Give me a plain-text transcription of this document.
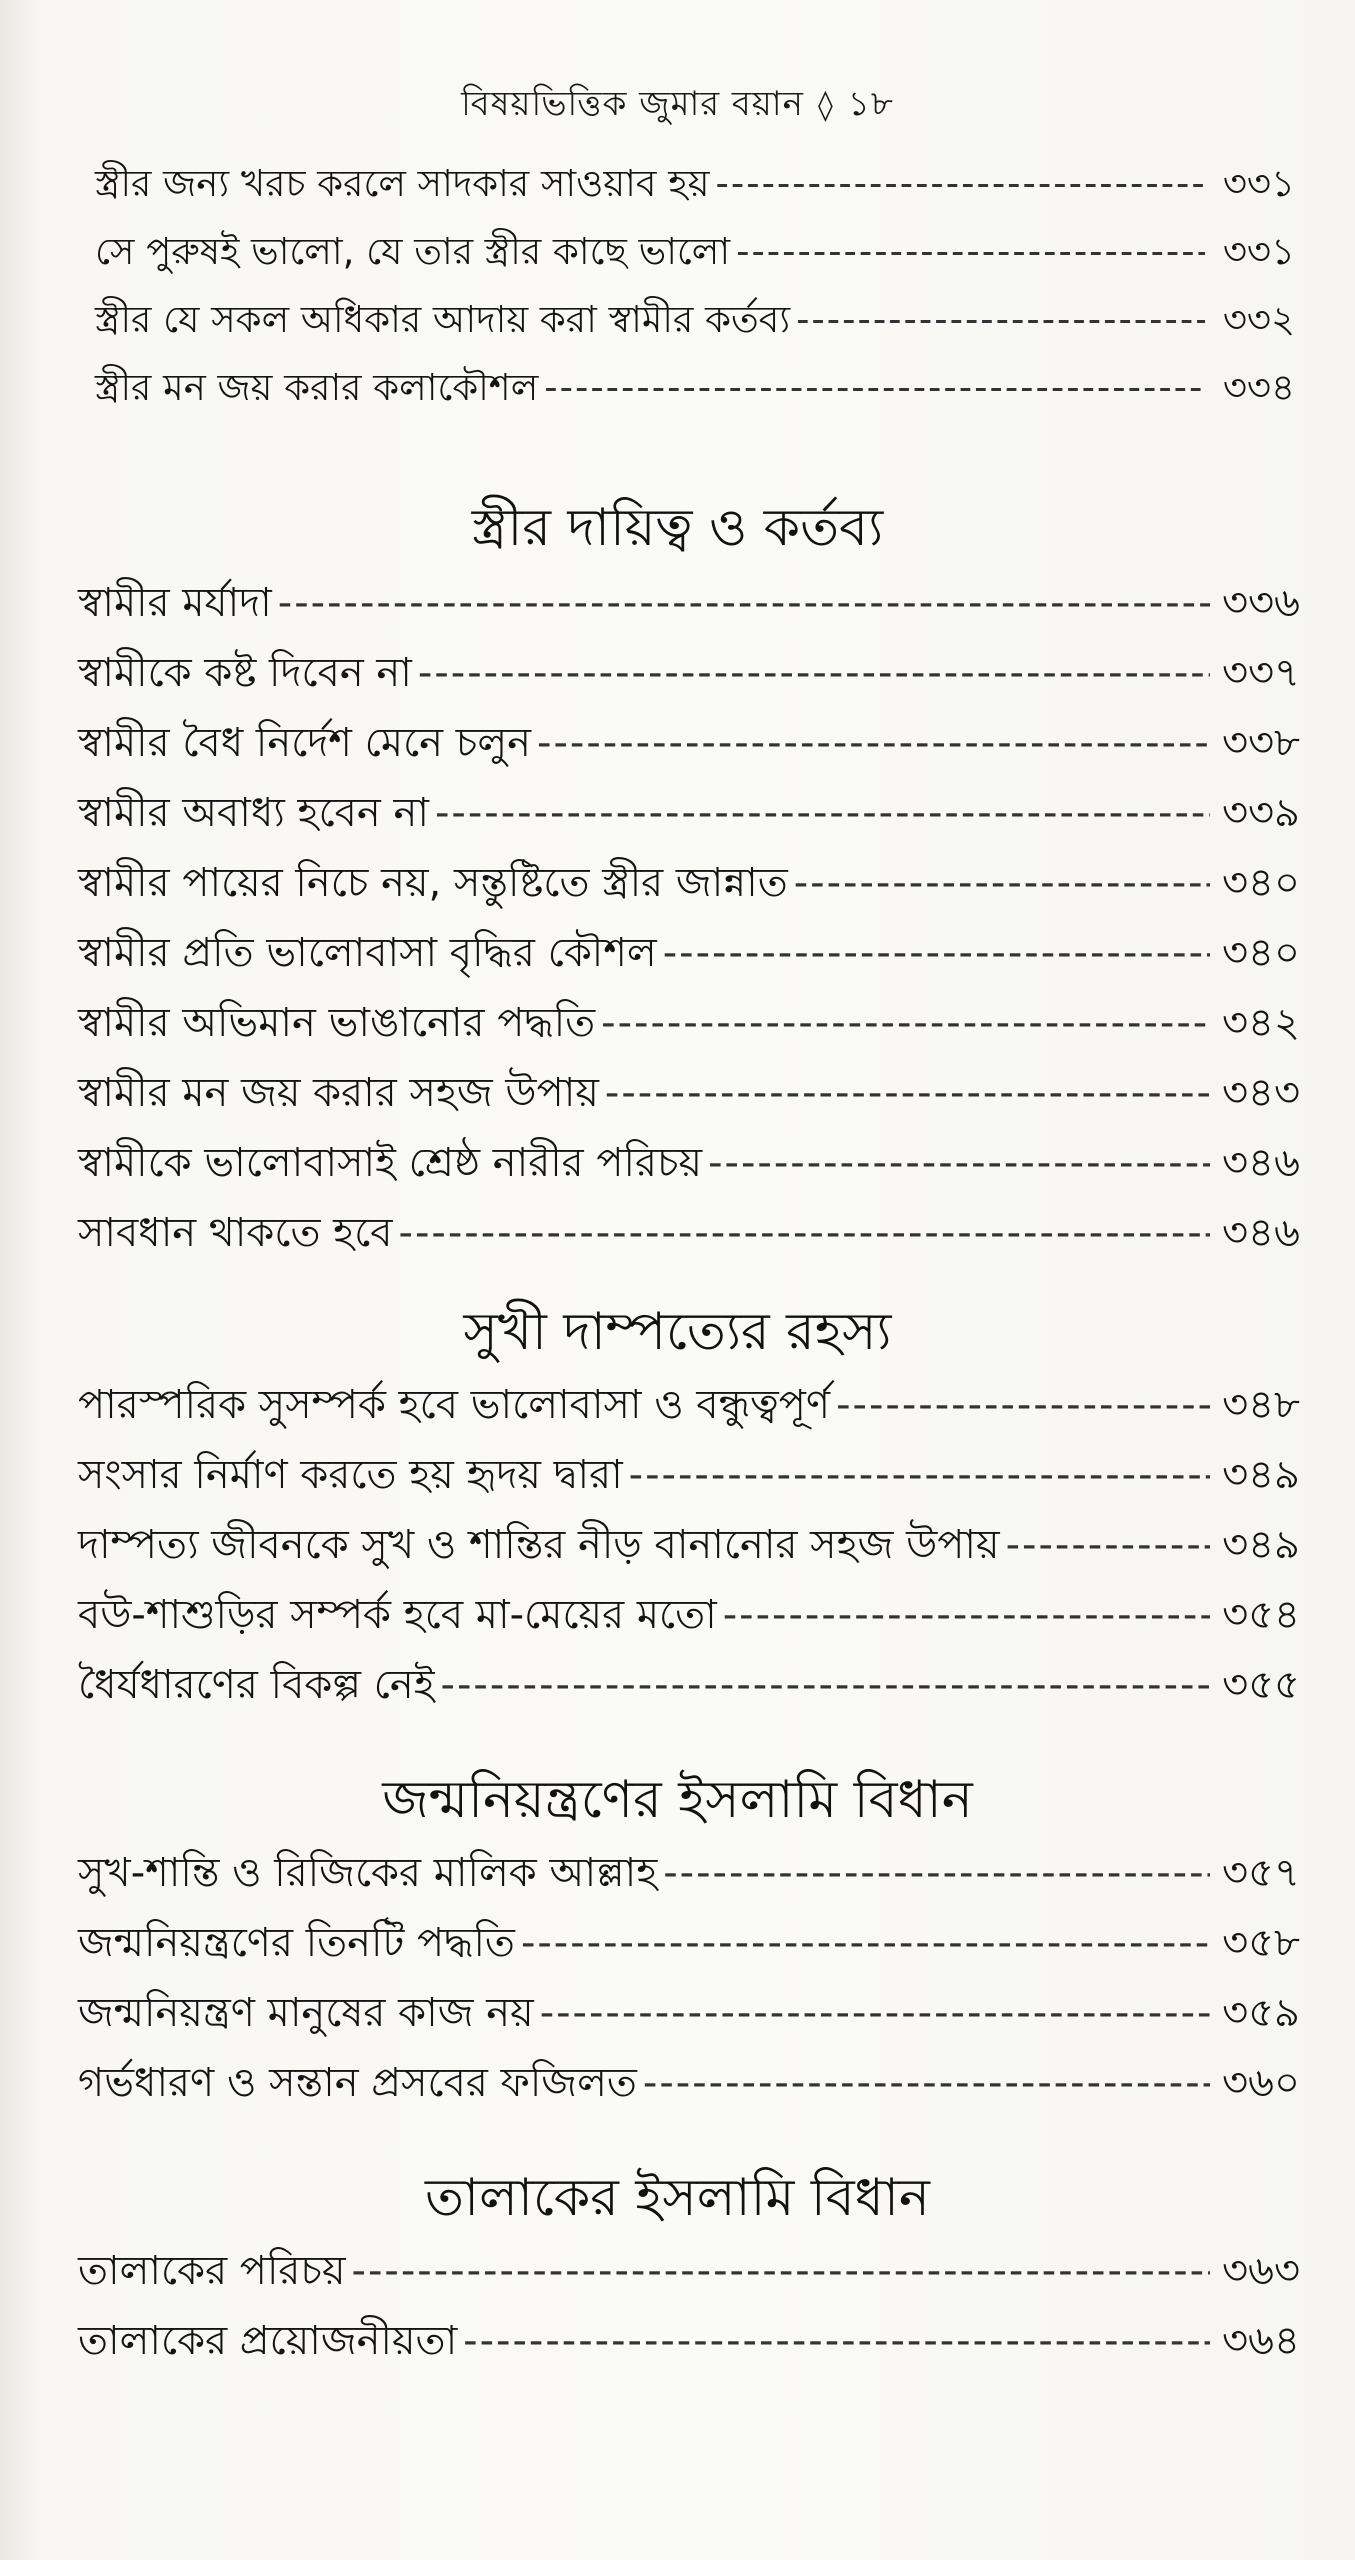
বিষয়ভিত্তিক জুমার বয়ান ◊ ১৮
স্ত্রীর জন্য খরচ করলে সাদকার সাওয়াব হয় -----	৩৩১
সে পুরুষই ভালো, যে তার স্ত্রীর কাছে ভালো -----	৩৩১
স্ত্রীর যে সকল অধিকার আদায় করা স্বামীর কর্তব্য -----	৩৩২
স্ত্রীর মন জয় করার কলাকৌশল -----	৩৩৪
স্ত্রীর দায়িত্ব ও কর্তব্য
স্বামীর মর্যাদা -----	৩৩৬
স্বামীকে কষ্ট দিবেন না -----	৩৩৭
স্বামীর বৈধ নির্দেশ মেনে চলুন -----	৩৩৮
স্বামীর অবাধ্য হবেন না -----	৩৩৯
স্বামীর পায়ের নিচে নয়, সন্তুষ্টিতে স্ত্রীর জান্নাত -----	৩৪০
স্বামীর প্রতি ভালোবাসা বৃদ্ধির কৌশল -----	৩৪০
স্বামীর অভিমান ভাঙানোর পদ্ধতি -----	৩৪২
স্বামীর মন জয় করার সহজ উপায় -----	৩৪৩
স্বামীকে ভালোবাসাই শ্রেষ্ঠ নারীর পরিচয় -----	৩৪৬
সাবধান থাকতে হবে -----	৩৪৬
সুখী দাম্পত্যের রহস্য
পারস্পরিক সুসম্পর্ক হবে ভালোবাসা ও বন্ধুত্বপূর্ণ -----	৩৪৮
সংসার নির্মাণ করতে হয় হৃদয় দ্বারা -----	৩৪৯
দাম্পত্য জীবনকে সুখ ও শান্তির নীড় বানানোর সহজ উপায় -----	৩৪৯
বউ-শাশুড়ির সম্পর্ক হবে মা-মেয়ের মতো -----	৩৫৪
ধৈর্যধারণের বিকল্প নেই -----	৩৫৫
জন্মনিয়ন্ত্রণের ইসলামি বিধান
সুখ-শান্তি ও রিজিকের মালিক আল্লাহ -----	৩৫৭
জন্মনিয়ন্ত্রণের তিনটি পদ্ধতি -----	৩৫৮
জন্মনিয়ন্ত্রণ মানুষের কাজ নয় -----	৩৫৯
গর্ভধারণ ও সন্তান প্রসবের ফজিলত -----	৩৬০
তালাকের ইসলামি বিধান
তালাকের পরিচয় -----	৩৬৩
তালাকের প্রয়োজনীয়তা -----	৩৬৪
